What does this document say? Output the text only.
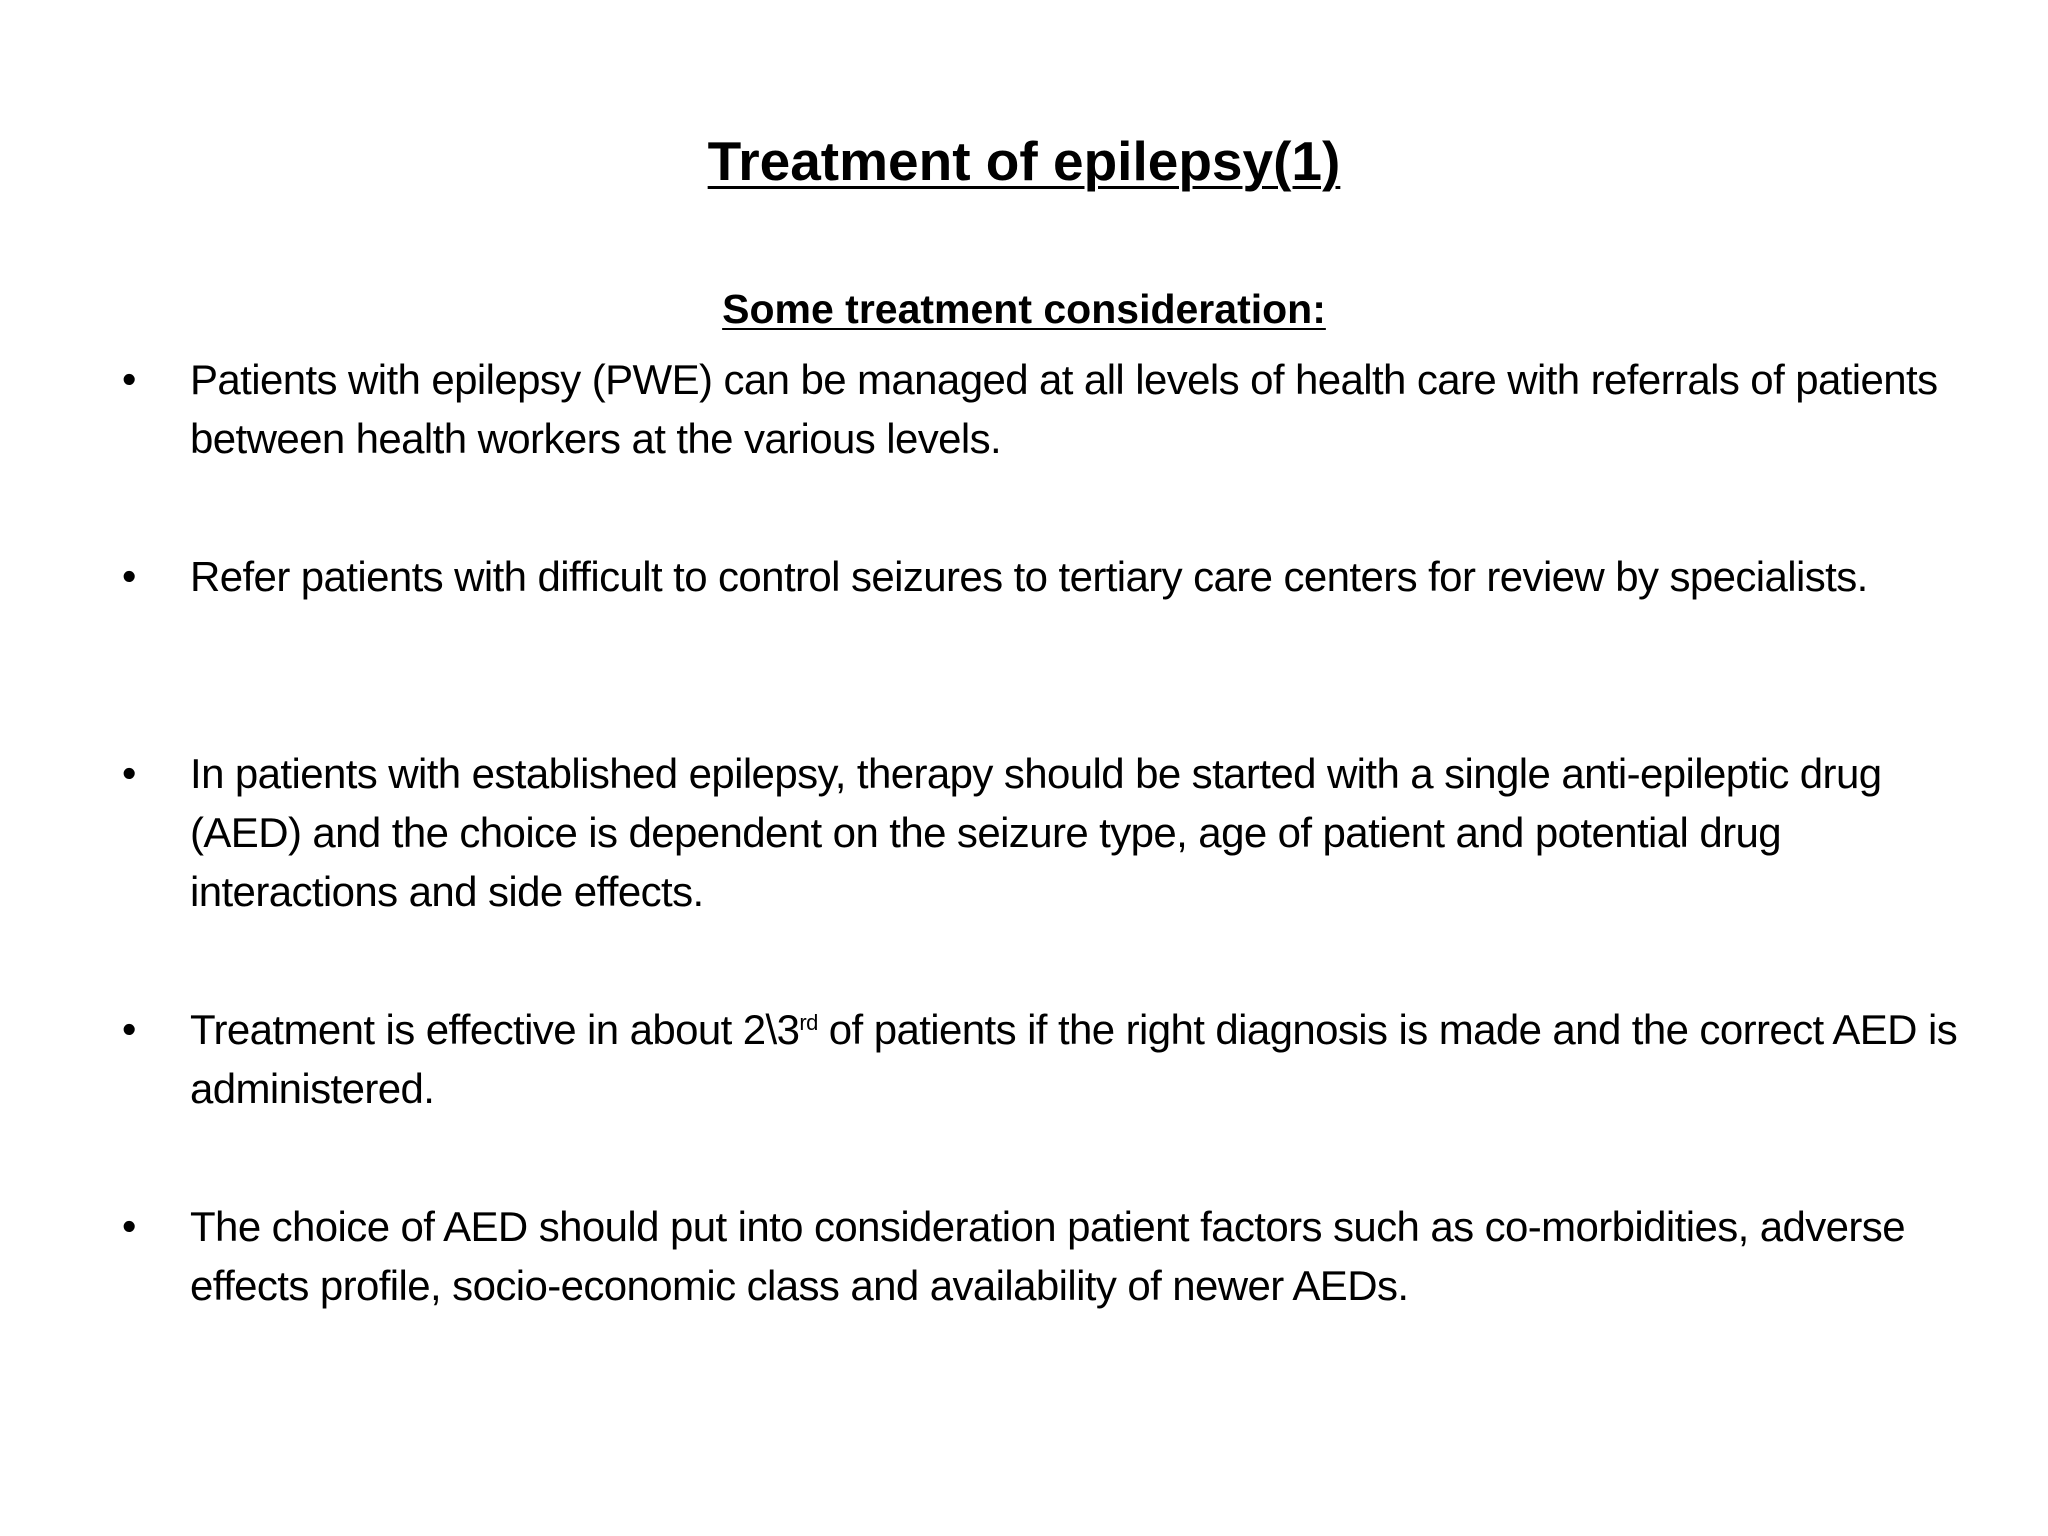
Treatment of epilepsy(1)
Some treatment consideration:
• Patients with epilepsy (PWE) can be managed at all levels of health care with referrals of patients between health workers at the various levels.
• Refer patients with difficult to control seizures to tertiary care centers for review by specialists.
• In patients with established epilepsy, therapy should be started with a single anti-epileptic drug (AED) and the choice is dependent on the seizure type, age of patient and potential drug interactions and side effects.
• Treatment is effective in about 2\3rd of patients if the right diagnosis is made and the correct AED is administered.
• The choice of AED should put into consideration patient factors such as co-morbidities, adverse effects profile, socio-economic class and availability of newer AEDs.
